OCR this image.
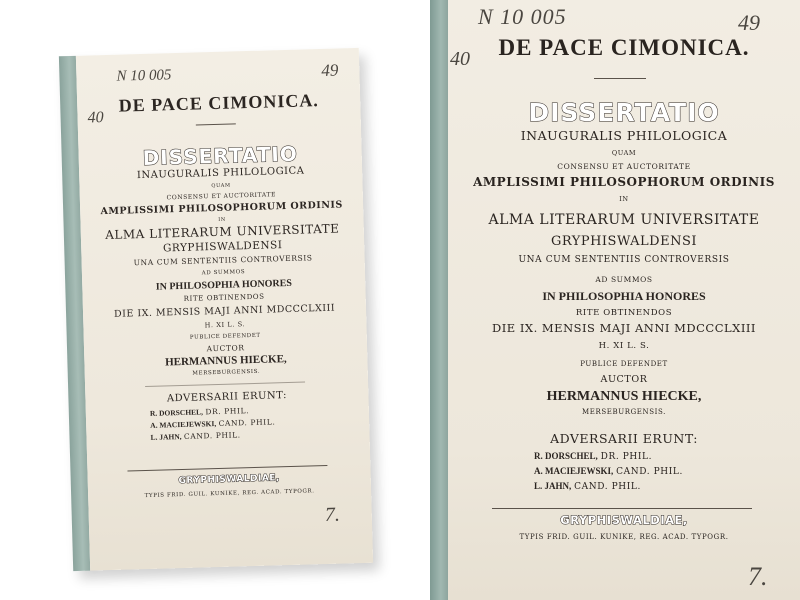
N 10 005	49
40
DE PACE CIMONICA.
DISSERTATIO
INAUGURALIS PHILOLOGICA
QUAM
CONSENSU ET AUCTORITATE
AMPLISSIMI PHILOSOPHORUM ORDINIS
IN
ALMA LITERARUM UNIVERSITATE
GRYPHISWALDENSI
UNA CUM SENTENTIIS CONTROVERSIS
AD SUMMOS
IN PHILOSOPHIA HONORES
RITE OBTINENDOS
DIE IX. MENSIS MAJI ANNI MDCCCLXIII
H. XI L. S.
PUBLICE DEFENDET
AUCTOR
HERMANNUS HIECKE,
MERSEBURGENSIS.
ADVERSARII ERUNT:
R. DORSCHEL, DR. PHIL.
A. MACIEJEWSKI, CAND. PHIL.
L. JAHN, CAND. PHIL.
GRYPHISWALDIAE,
TYPIS FRID. GUIL. KUNIKE, REG. ACAD. TYPOGR.
7.
N 10 005	49
40	DE PACE CIMONICA.
DISSERTATIO
INAUGURALIS PHILOLOGICA
QUAM
CONSENSU ET AUCTORITATE
AMPLISSIMI PHILOSOPHORUM ORDINIS
IN
ALMA LITERARUM UNIVERSITATE
GRYPHISWALDENSI
UNA CUM SENTENTIIS CONTROVERSIS
AD SUMMOS
IN PHILOSOPHIA HONORES
RITE OBTINENDOS
DIE IX. MENSIS MAJI ANNI MDCCCLXIII
H. XI L. S.
PUBLICE DEFENDET
AUCTOR
HERMANNUS HIECKE,
MERSEBURGENSIS.
ADVERSARII ERUNT:
R. DORSCHEL, DR. PHIL.
A. MACIEJEWSKI, CAND. PHIL.
L. JAHN, CAND. PHIL.
GRYPHISWALDIAE,
TYPIS FRID. GUIL. KUNIKE, REG. ACAD. TYPOGR.
7.
